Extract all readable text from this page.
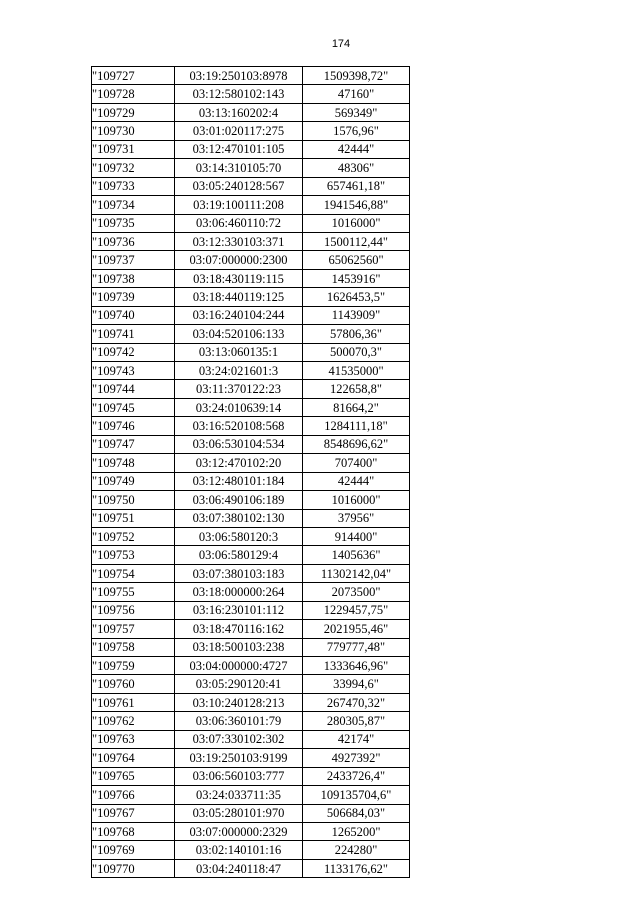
174
"109727	03:19:250103:8978	1509398,72"
"109728	03:12:580102:143	47160"
"109729	03:13:160202:4	569349"
"109730	03:01:020117:275	1576,96"
"109731	03:12:470101:105	42444"
"109732	03:14:310105:70	48306"
"109733	03:05:240128:567	657461,18"
"109734	03:19:100111:208	1941546,88"
"109735	03:06:460110:72	1016000"
"109736	03:12:330103:371	1500112,44"
"109737	03:07:000000:2300	65062560"
"109738	03:18:430119:115	1453916"
"109739	03:18:440119:125	1626453,5"
"109740	03:16:240104:244	1143909"
"109741	03:04:520106:133	57806,36"
"109742	03:13:060135:1	500070,3"
"109743	03:24:021601:3	41535000"
"109744	03:11:370122:23	122658,8"
"109745	03:24:010639:14	81664,2"
"109746	03:16:520108:568	1284111,18"
"109747	03:06:530104:534	8548696,62"
"109748	03:12:470102:20	707400"
"109749	03:12:480101:184	42444"
"109750	03:06:490106:189	1016000"
"109751	03:07:380102:130	37956"
"109752	03:06:580120:3	914400"
"109753	03:06:580129:4	1405636"
"109754	03:07:380103:183	11302142,04"
"109755	03:18:000000:264	2073500"
"109756	03:16:230101:112	1229457,75"
"109757	03:18:470116:162	2021955,46"
"109758	03:18:500103:238	779777,48"
"109759	03:04:000000:4727	1333646,96"
"109760	03:05:290120:41	33994,6"
"109761	03:10:240128:213	267470,32"
"109762	03:06:360101:79	280305,87"
"109763	03:07:330102:302	42174"
"109764	03:19:250103:9199	4927392"
"109765	03:06:560103:777	2433726,4"
"109766	03:24:033711:35	109135704,6"
"109767	03:05:280101:970	506684,03"
"109768	03:07:000000:2329	1265200"
"109769	03:02:140101:16	224280"
"109770	03:04:240118:47	1133176,62"
